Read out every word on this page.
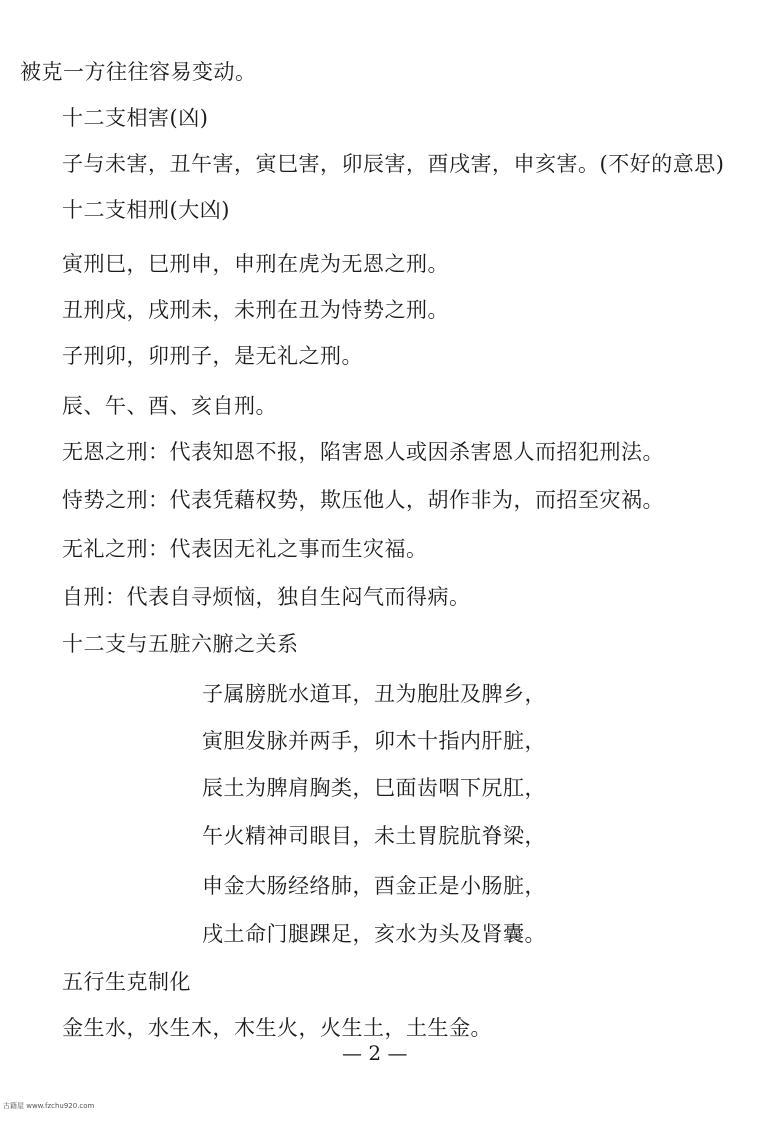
被克一方往往容易变动。
十二支相害(凶)
子与未害，丑午害，寅巳害，卯辰害，酉戌害，申亥害。(不好的意思)
十二支相刑(大凶)
寅刑巳，巳刑申，申刑在虎为无恩之刑。
丑刑戌，戌刑未，未刑在丑为恃势之刑。
子刑卯，卯刑子，是无礼之刑。
辰、午、酉、亥自刑。
无恩之刑：代表知恩不报，陷害恩人或因杀害恩人而招犯刑法。
恃势之刑：代表凭藉权势，欺压他人，胡作非为，而招至灾祸。
无礼之刑：代表因无礼之事而生灾福。
自刑：代表自寻烦恼，独自生闷气而得病。
十二支与五脏六腑之关系
子属膀胱水道耳，丑为胞肚及脾乡，
寅胆发脉并两手，卯木十指内肝脏，
辰土为脾肩胸类，巳面齿咽下尻肛，
午火精神司眼目，未土胃脘肮脊梁，
申金大肠经络肺，酉金正是小肠脏，
戌土命门腿踝足，亥水为头及肾囊。
五行生克制化
金生水，水生木，木生火，火生土，土生金。
— 2 —
古籍屋 www.fzchu920.com
